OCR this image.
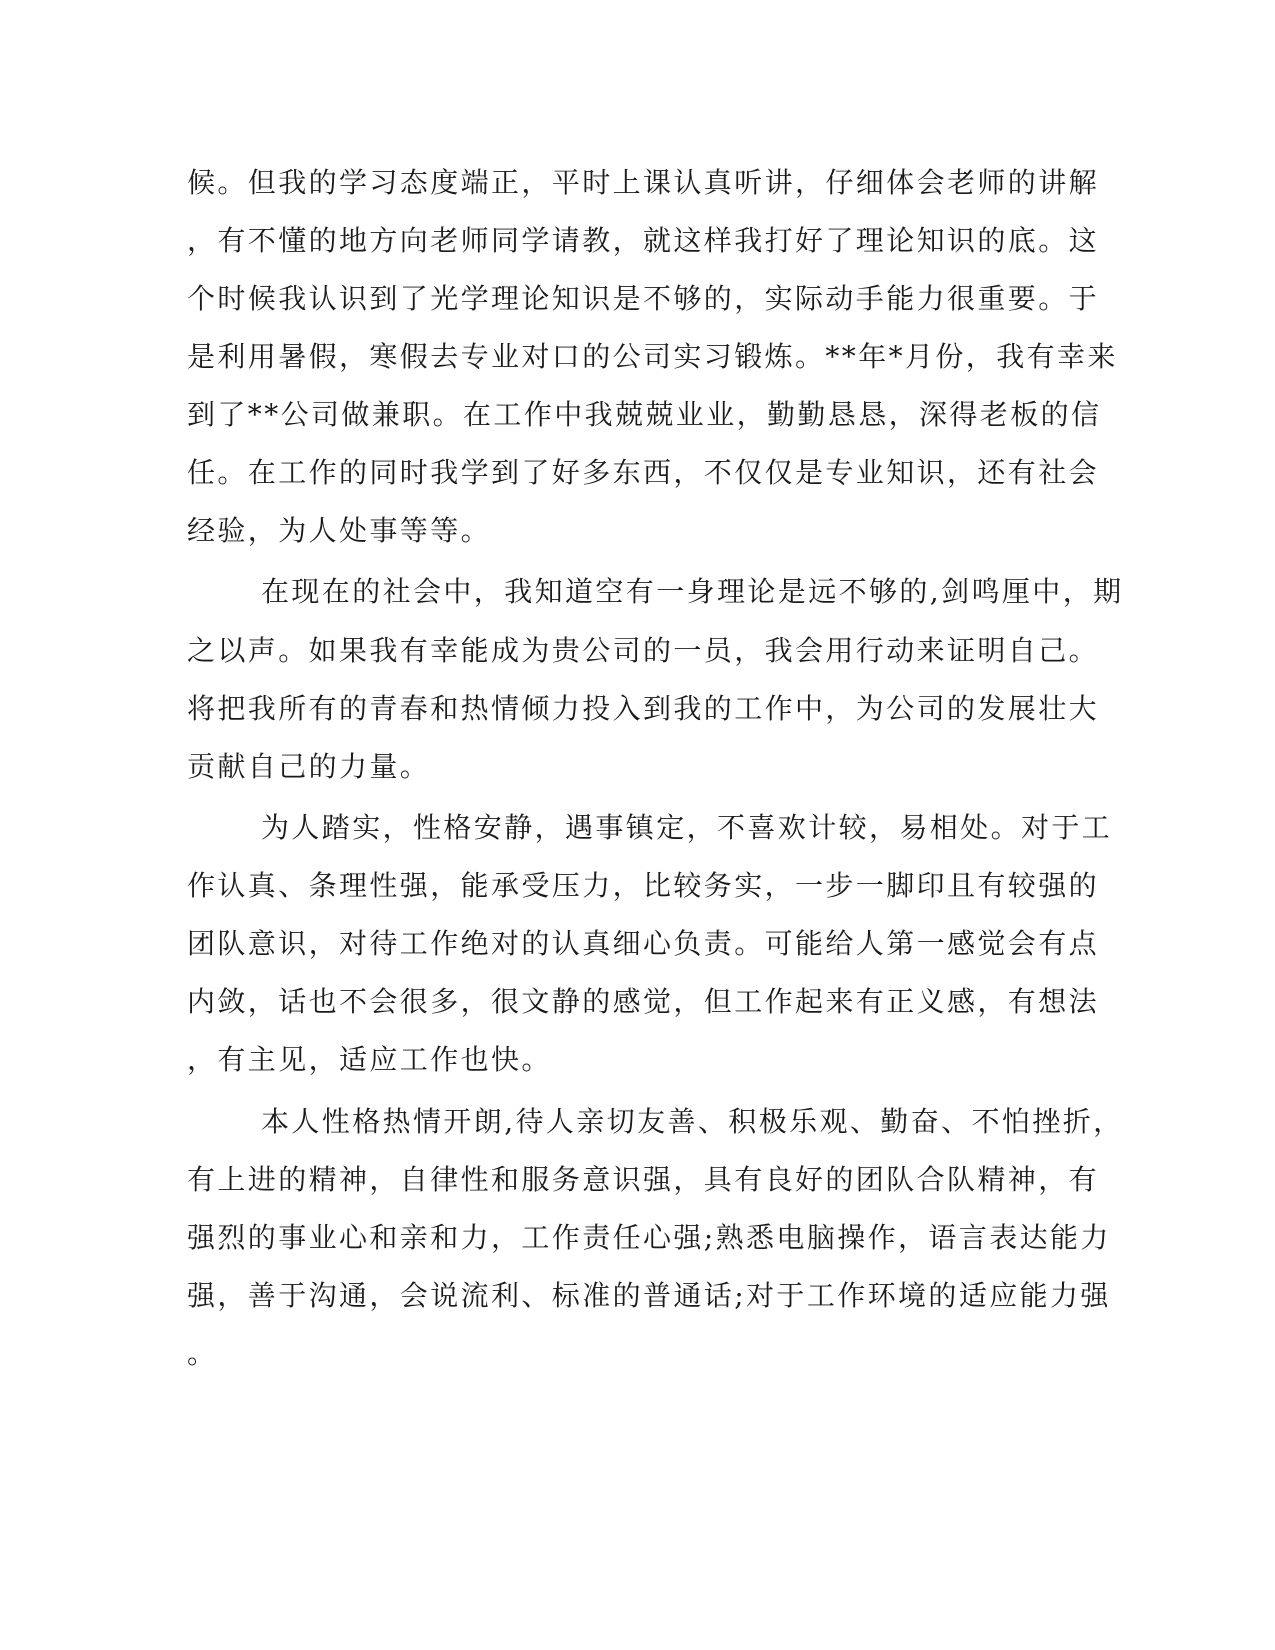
候。但我的学习态度端正，平时上课认真听讲，仔细体会老师的讲解

，有不懂的地方向老师同学请教，就这样我打好了理论知识的底。这

个时候我认识到了光学理论知识是不够的，实际动手能力很重要。于

是利用暑假，寒假去专业对口的公司实习锻炼。**年*月份，我有幸来

到了**公司做兼职。在工作中我兢兢业业，勤勤恳恳，深得老板的信

任。在工作的同时我学到了好多东西，不仅仅是专业知识，还有社会

经验，为人处事等等。

在现在的社会中，我知道空有一身理论是远不够的,剑鸣厘中，期

之以声。如果我有幸能成为贵公司的一员，我会用行动来证明自己。

将把我所有的青春和热情倾力投入到我的工作中，为公司的发展壮大

贡献自己的力量。

为人踏实，性格安静，遇事镇定，不喜欢计较，易相处。对于工

作认真、条理性强，能承受压力，比较务实，一步一脚印且有较强的

团队意识，对待工作绝对的认真细心负责。可能给人第一感觉会有点

内敛，话也不会很多，很文静的感觉，但工作起来有正义感，有想法

，有主见，适应工作也快。

本人性格热情开朗,待人亲切友善、积极乐观、勤奋、不怕挫折，

有上进的精神，自律性和服务意识强，具有良好的团队合队精神，有

强烈的事业心和亲和力，工作责任心强;熟悉电脑操作，语言表达能力

强，善于沟通，会说流利、标准的普通话;对于工作环境的适应能力强

。
